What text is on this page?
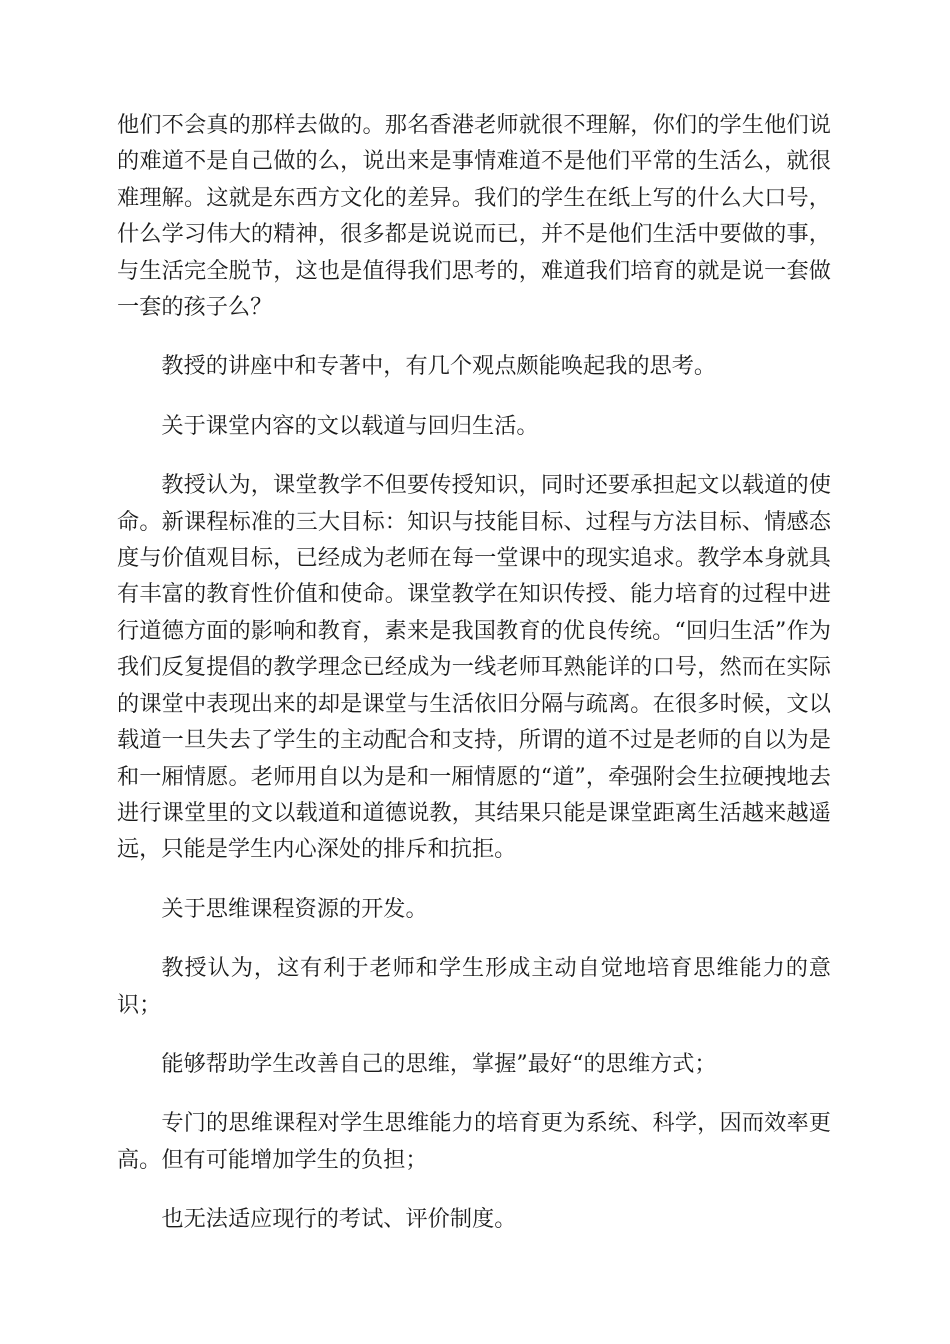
他们不会真的那样去做的。那名香港老师就很不理解，你们的学生他们说的难道不是自己做的么，说出来是事情难道不是他们平常的生活么，就很难理解。这就是东西方文化的差异。我们的学生在纸上写的什么大口号，什么学习伟大的精神，很多都是说说而已，并不是他们生活中要做的事，与生活完全脱节，这也是值得我们思考的，难道我们培育的就是说一套做一套的孩子么？

教授的讲座中和专著中，有几个观点颇能唤起我的思考。

关于课堂内容的文以载道与回归生活。

教授认为，课堂教学不但要传授知识，同时还要承担起文以载道的使命。新课程标准的三大目标：知识与技能目标、过程与方法目标、情感态度与价值观目标，已经成为老师在每一堂课中的现实追求。教学本身就具有丰富的教育性价值和使命。课堂教学在知识传授、能力培育的过程中进行道德方面的影响和教育，素来是我国教育的优良传统。“回归生活”作为我们反复提倡的教学理念已经成为一线老师耳熟能详的口号，然而在实际的课堂中表现出来的却是课堂与生活依旧分隔与疏离。在很多时候，文以载道一旦失去了学生的主动配合和支持，所谓的道不过是老师的自以为是和一厢情愿。老师用自以为是和一厢情愿的“道”，牵强附会生拉硬拽地去进行课堂里的文以载道和道德说教，其结果只能是课堂距离生活越来越遥远，只能是学生内心深处的排斥和抗拒。

关于思维课程资源的开发。

教授认为，这有利于老师和学生形成主动自觉地培育思维能力的意识；

能够帮助学生改善自己的思维，掌握”最好“的思维方式；

专门的思维课程对学生思维能力的培育更为系统、科学，因而效率更高。但有可能增加学生的负担；

也无法适应现行的考试、评价制度。
